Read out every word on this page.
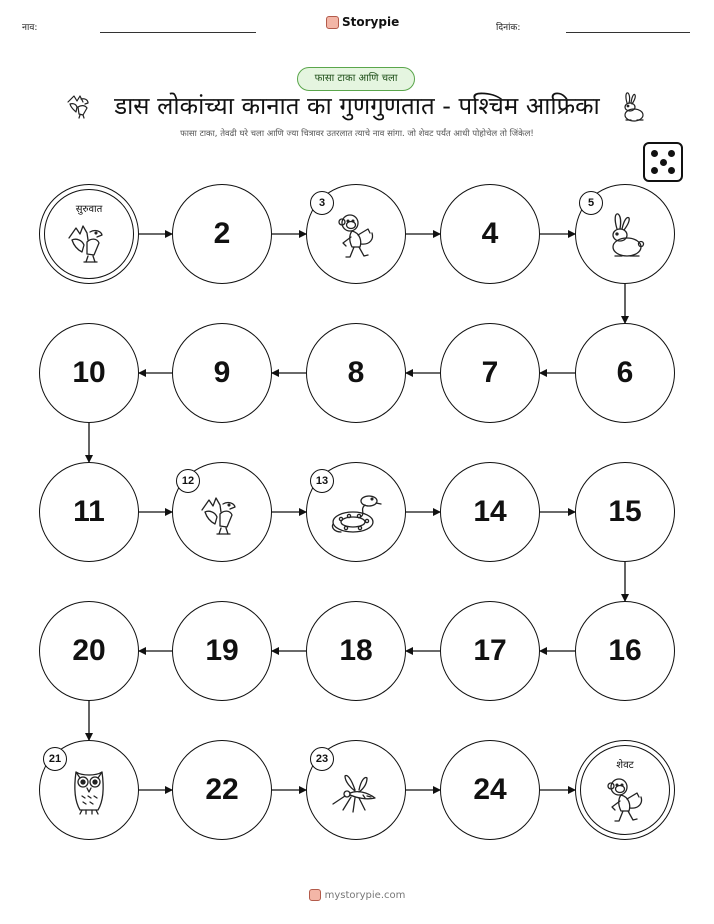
नाव:	Storypie	दिनांक:
फासा टाका आणि चला
डास लोकांच्या कानात का गुणगुणतात - पश्चिम आफ्रिका
फासा टाका, तेवढी घरे चला आणि ज्या चित्रावर उतरलात त्याचे नाव सांगा. जो शेवट पर्यंत आधी पोहोचेल तो जिंकेल!
सुरुवात
2
3
4
5
6
7
8
9
10
11
12	13
14	15
16
17
18
19
20
21
22
23
24
शेवट
mystorypie.com
